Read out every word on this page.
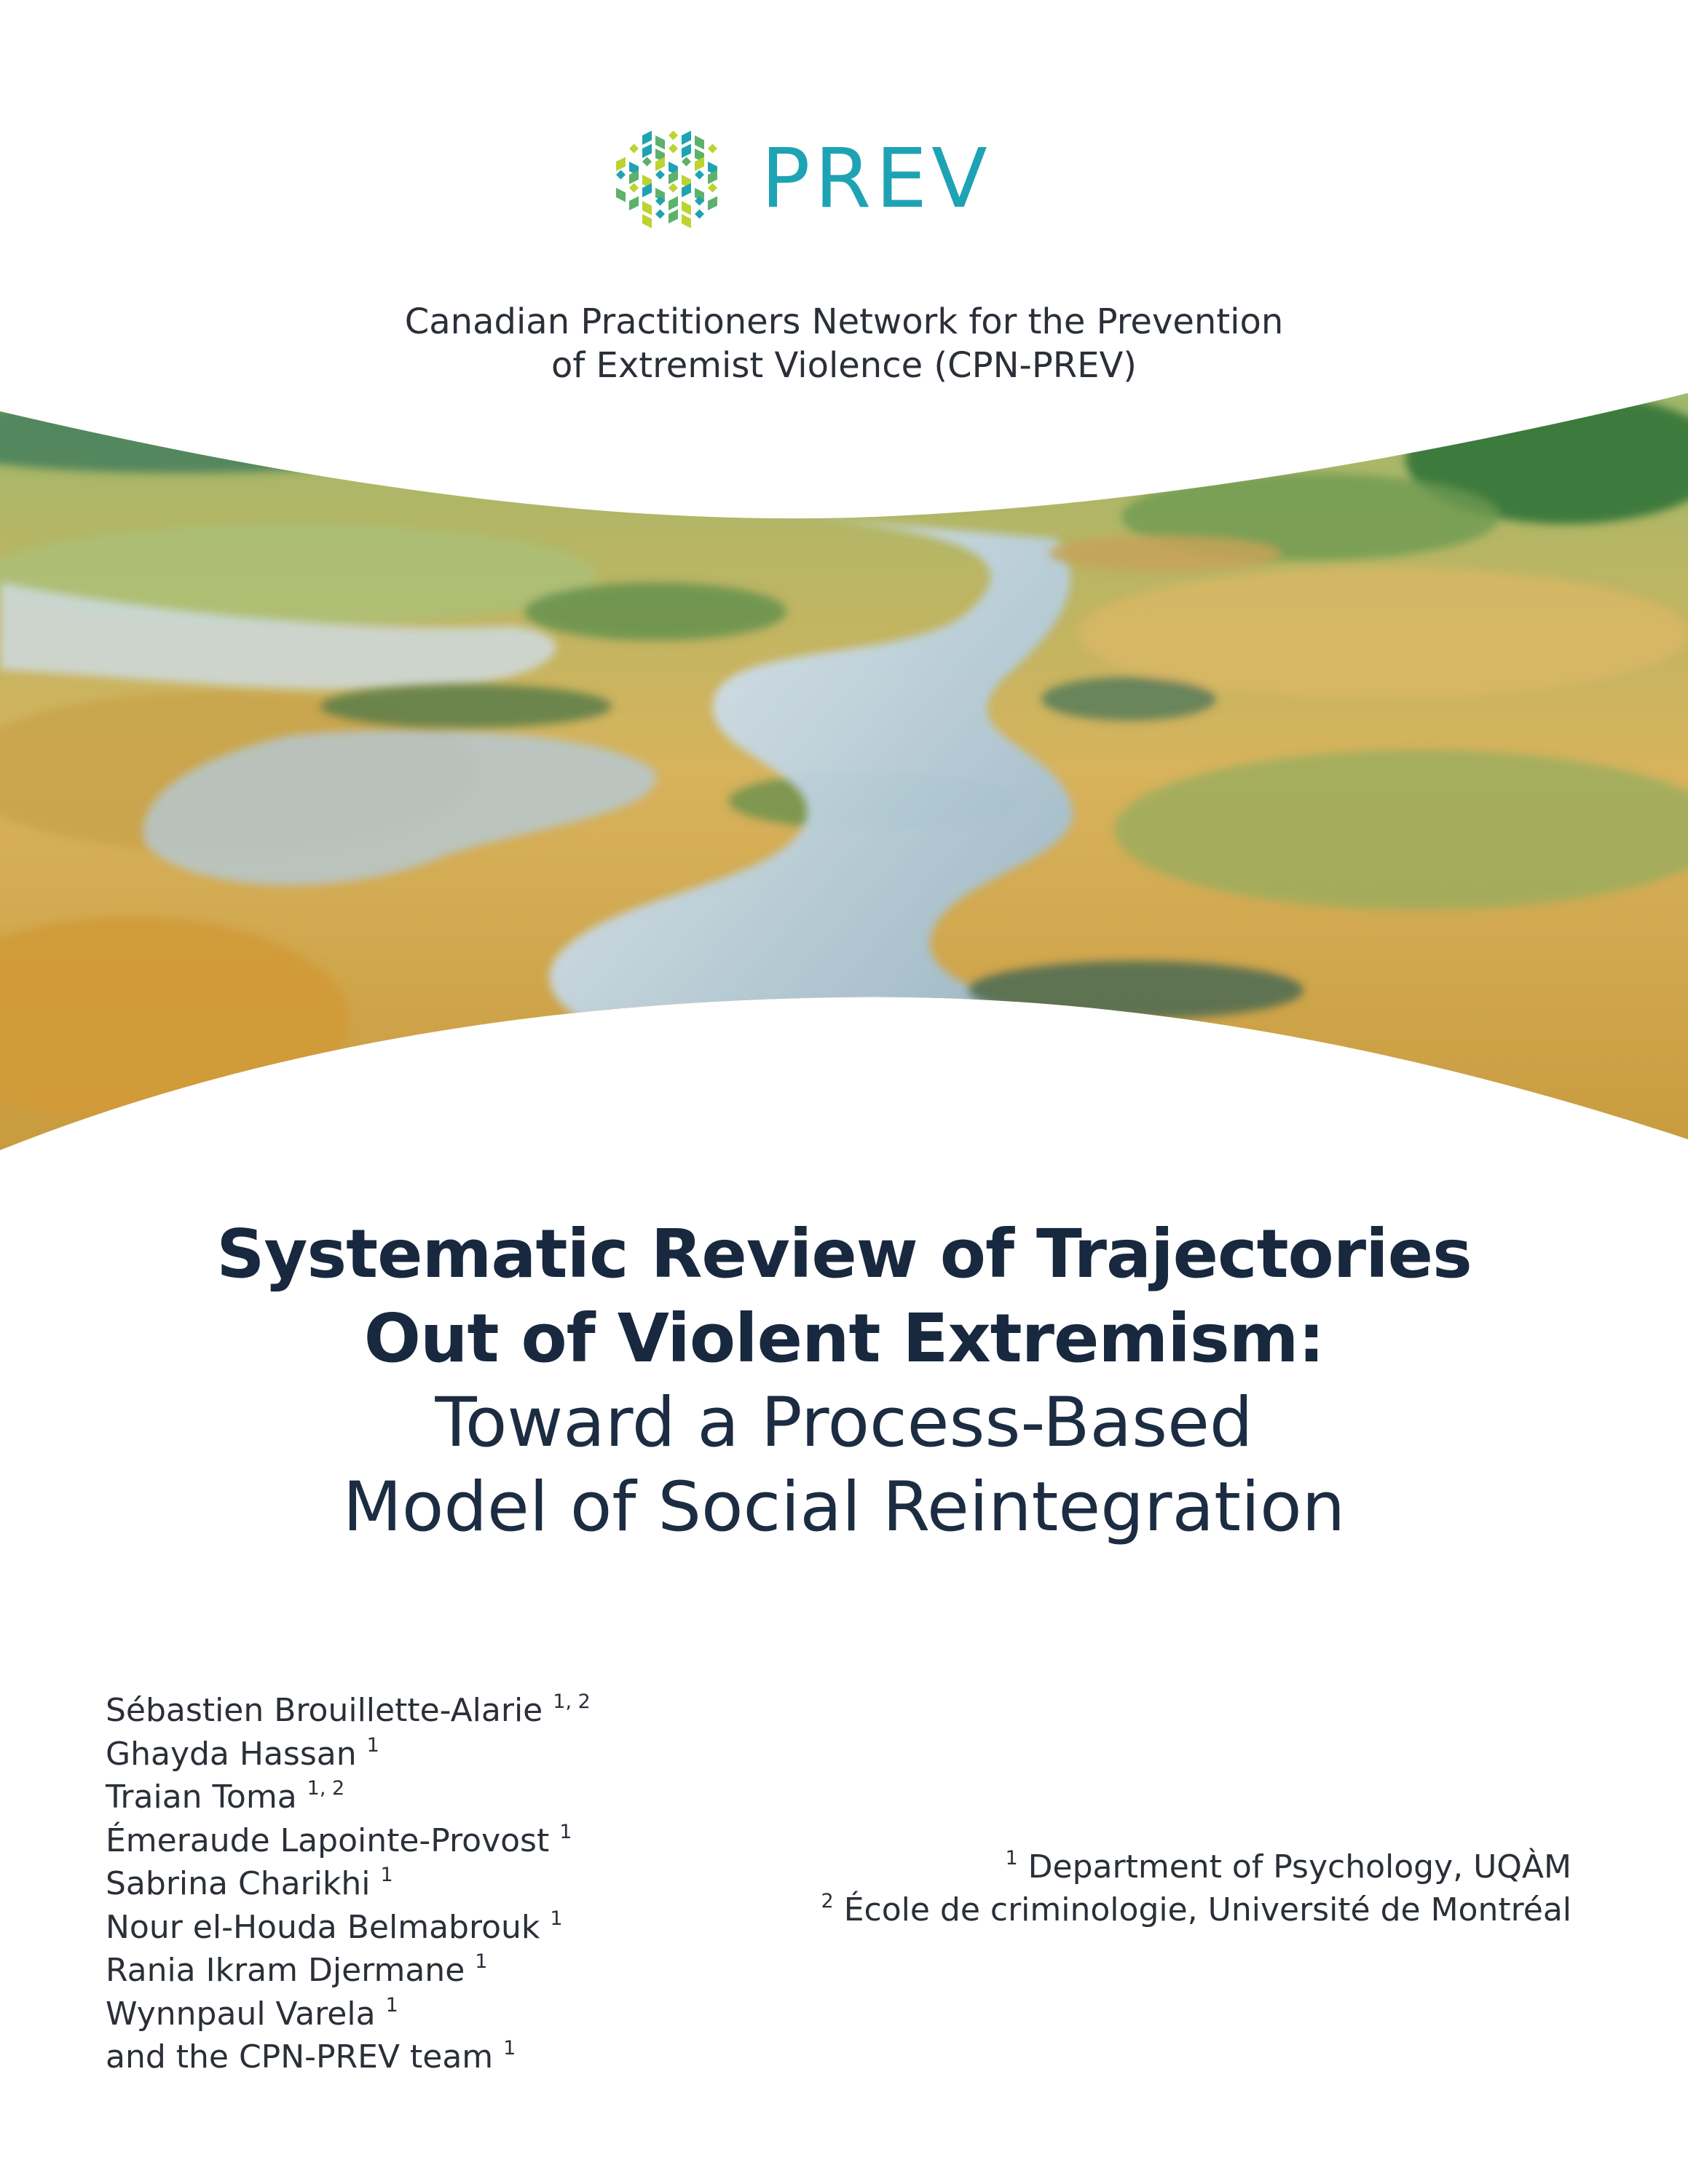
PREV
Canadian Practitioners Network for the Prevention
of Extremist Violence (CPN-PREV)
Systematic Review of Trajectories
Out of Violent Extremism:
Toward a Process-Based
Model of Social Reintegration
Sébastien Brouillette-Alarie $^{1, 2}$
Ghayda Hassan $^1$
Traian Toma $^{1, 2}$
Émeraude Lapointe-Provost $^1$
Sabrina Charikhi $^1$
Nour el-Houda Belmabrouk $^1$
Rania Ikram Djermane $^1$
Wynnpaul Varela $^1$
and the CPN-PREV team $^1$
$^1$ Department of Psychology, UQÀM
$^2$ École de criminologie, Université de Montréal
